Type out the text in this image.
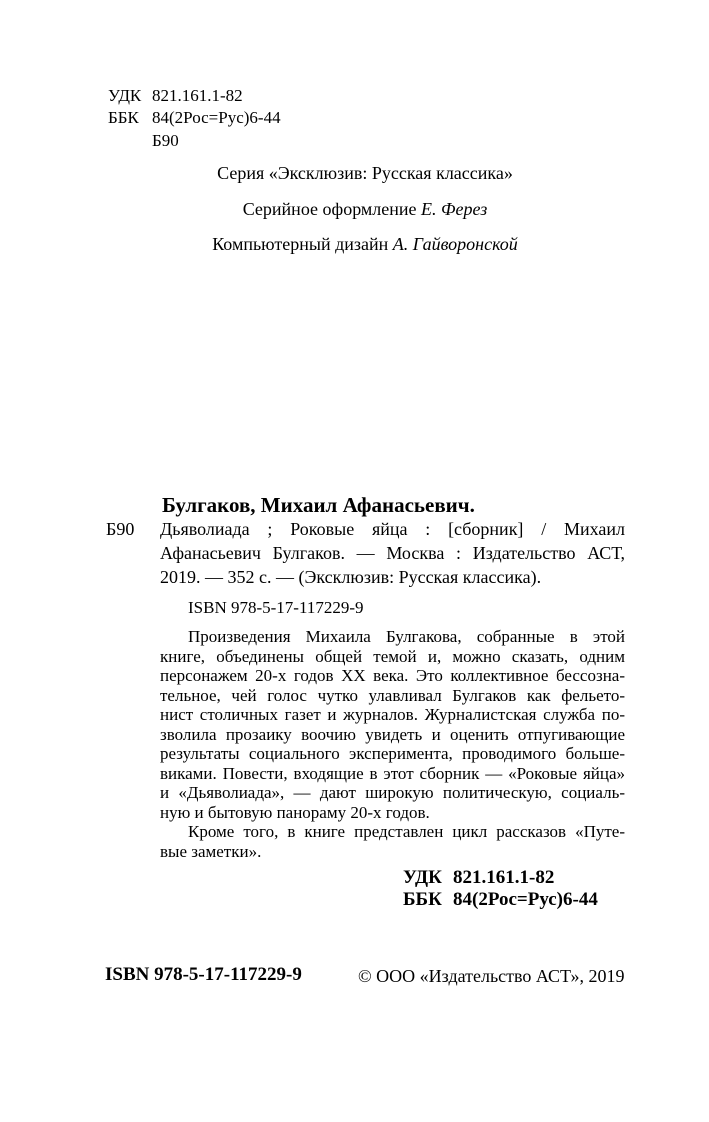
УДК 821.161.1-82
ББК 84(2Рос=Рус)6-44
Б90
Серия «Эксклюзив: Русская классика»
Серийное оформление Е. Ферез
Компьютерный дизайн А. Гайворонской
Булгаков, Михаил Афанасьевич.
Б90 Дьяволиада ; Роковые яйца : [сборник] / Михаил
Афанасьевич Булгаков. — Москва : Издательство АСТ,
2019. — 352 с. — (Эксклюзив: Русская классика).
ISBN 978-5-17-117229-9
Произведения Михаила Булгакова, собранные в этой
книге, объединены общей темой и, можно сказать, одним
персонажем 20-х годов XX века. Это коллективное бессозна-
тельное, чей голос чутко улавливал Булгаков как фельето-
нист столичных газет и журналов. Журналистская служба по-
зволила прозаику воочию увидеть и оценить отпугивающие
результаты социального эксперимента, проводимого больше-
виками. Повести, входящие в этот сборник — «Роковые яйца»
и «Дьяволиада», — дают широкую политическую, социаль-
ную и бытовую панораму 20-х годов.
Кроме того, в книге представлен цикл рассказов «Путе-
вые заметки».
УДК 821.161.1-82
ББК 84(2Рос=Рус)6-44
ISBN 978-5-17-117229-9	© ООО «Издательство АСТ», 2019
